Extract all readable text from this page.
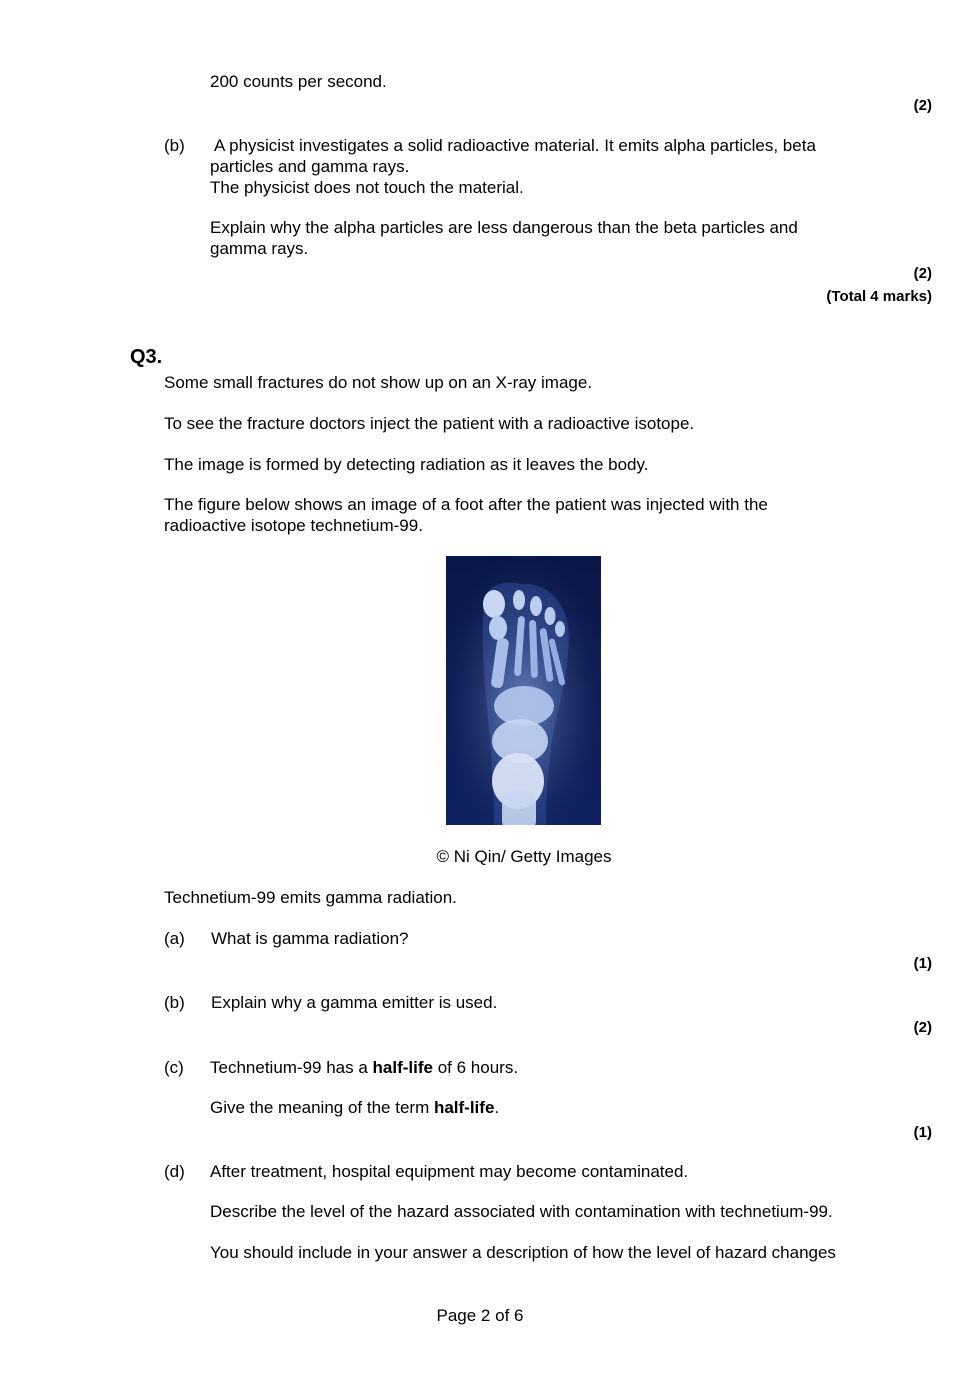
200 counts per second.
(2)
(b) A physicist investigates a solid radioactive material. It emits alpha particles, beta
particles and gamma rays.
The physicist does not touch the material.
Explain why the alpha particles are less dangerous than the beta particles and
gamma rays.
(2)
(Total 4 marks)
Q3.
Some small fractures do not show up on an X-ray image.
To see the fracture doctors inject the patient with a radioactive isotope.
The image is formed by detecting radiation as it leaves the body.
The figure below shows an image of a foot after the patient was injected with the
radioactive isotope technetium-99.
© Ni Qin/ Getty Images
Technetium-99 emits gamma radiation.
(a) What is gamma radiation?
(1)
(b) Explain why a gamma emitter is used.
(2)
(c) Technetium-99 has a half-life of 6 hours.
Give the meaning of the term half-life.
(1)
(d) After treatment, hospital equipment may become contaminated.
Describe the level of the hazard associated with contamination with technetium-99.
You should include in your answer a description of how the level of hazard changes
Page 2 of 6
